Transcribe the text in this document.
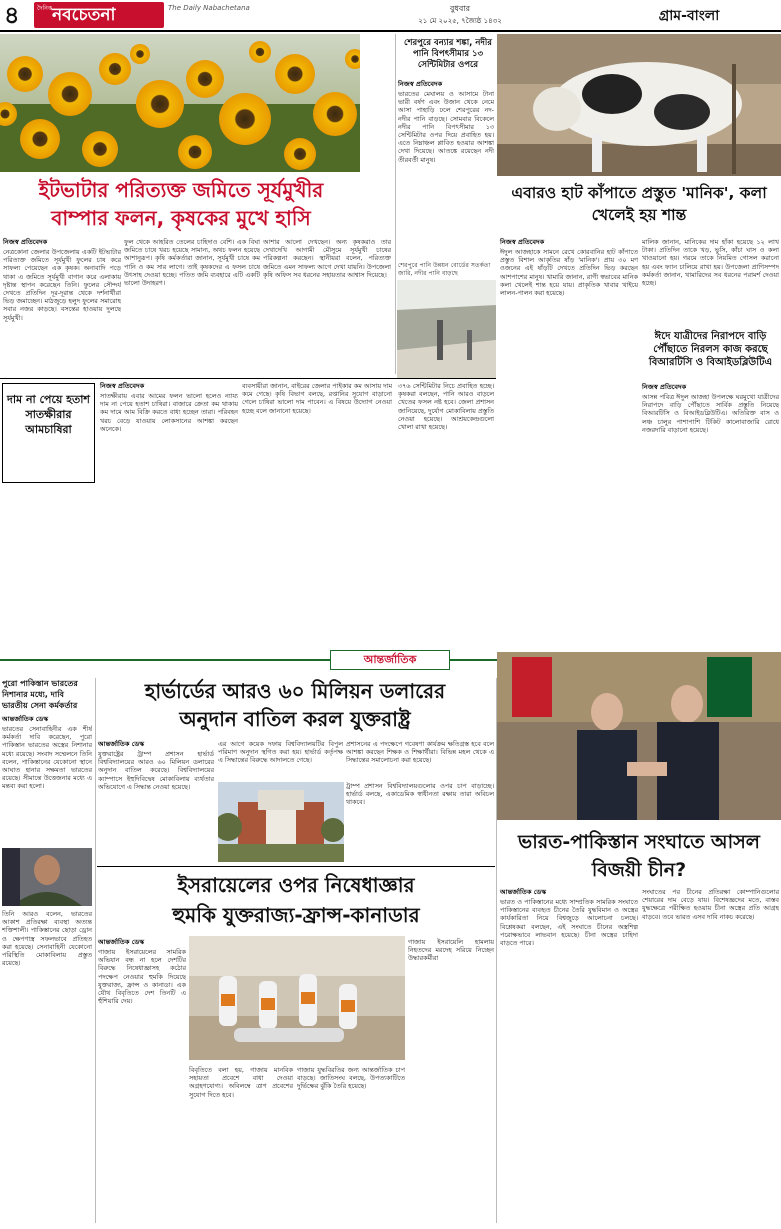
৪	দৈনিক নবচেতনা	The Daily Nabachetana	বুধবার
২১ মে ২০২৫, ৭জ্যৈষ্ঠ ১৪৩২	গ্রাম-বাংলা
ইটভাটার পরিত্যক্ত জমিতে সূর্যমুখীর
বাম্পার ফলন, কৃষকের মুখে হাসি
নিজস্ব প্রতিবেদক
নেত্রকোনা জেলার উপজেলায় একটি ইটভাটার পরিত্যক্ত জমিতে সূর্যমুখী ফুলের চাষ করে সাফল্য পেয়েছেন এক কৃষক। অনাবাদি পড়ে থাকা এ জমিতে সূর্যমুখী বাগান করে এলাকায় দৃষ্টান্ত স্থাপন করেছেন তিনি। ফুলের সৌন্দর্য দেখতে প্রতিদিন দূর-দূরান্ত থেকে দর্শনার্থীরা ভিড় জমাচ্ছেন। মাঠজুড়ে হলুদ ফুলের সমারোহ সবার নজর কাড়ছে। বসন্তের হাওয়ায় দুলছে সূর্যমুখী।
ফুল থেকে আহরিত তেলের চাহিদাও বেশি। এক বিঘা জমিতে চাষে খরচ হয়েছে সামান্য, অথচ ফলন হয়েছে আশানুরূপ। কৃষি কর্মকর্তারা জানান, সূর্যমুখী চাষে কম পানি ও কম সার লাগে। তাই কৃষকদের এ ফসল চাষে উৎসাহ দেওয়া হচ্ছে। পতিত জমি ব্যবহারে এটি একটি ভালো উদাহরণ।
আশার আলো দেখছেন। অন্য কৃষকরাও তার দেখাদেখি আগামী মৌসুমে সূর্যমুখী চাষের পরিকল্পনা করছেন। স্থানীয়রা বলেন, পরিত্যক্ত জমিতে এমন সাফল্য আগে দেখা যায়নি। উপজেলা কৃষি অফিস সব ধরনের সহায়তার আশ্বাস দিয়েছে।
শেরপুরে বন্যার শঙ্কা, নদীর পানি বিপৎসীমার ১৩ সেন্টিমিটার ওপরে
নিজস্ব প্রতিবেদক
ভারতের মেঘালয় ও আসামে টানা ভারী বর্ষণ এবং উজান থেকে নেমে আসা পাহাড়ি ঢলে শেরপুরের নদ-নদীর পানি বাড়ছে। সোমবার বিকেলে নদীর পানি বিপৎসীমার ১৩ সেন্টিমিটার ওপর দিয়ে প্রবাহিত হয়। এতে নিম্নাঞ্চল প্লাবিত হওয়ার আশঙ্কা দেখা দিয়েছে। আতঙ্কে রয়েছেন নদী তীরবর্তী মানুষ।
এবারও হাট কাঁপাতে প্রস্তুত 'মানিক', কলা খেলেই হয় শান্ত
শেরপুরে পানি উন্নয়ন বোর্ডের সতর্কতা জারি, নদীর পানি বাড়ছে
দাম না পেয়ে হতাশ সাতক্ষীরার আমচাষিরা
নিজস্ব প্রতিবেদক
সাতক্ষীরায় এবার আমের ফলন ভালো হলেও ন্যায্য দাম না পেয়ে হতাশ চাষিরা। বাজারে ক্রেতা কম থাকায় কম দামে আম বিক্রি করতে বাধ্য হচ্ছেন তারা। পরিবহন খরচ বেড়ে যাওয়ায় লোকসানের আশঙ্কা করছেন অনেকে।
ব্যবসায়ীরা জানান, বাইরের জেলার পাইকার কম আসায় দাম কমে গেছে। কৃষি বিভাগ বলছে, রপ্তানির সুযোগ বাড়ানো গেলে চাষিরা ভালো দাম পাবেন। এ বিষয়ে উদ্যোগ নেওয়া হচ্ছে বলে জানানো হয়েছে।
৩৭৬ সেন্টিমিটার নিচে প্রবাহিত হচ্ছে। কৃষকরা বলছেন, পানি আরও বাড়লে খেতের ফসল নষ্ট হবে। জেলা প্রশাসন জানিয়েছে, দুর্যোগ মোকাবিলায় প্রস্তুতি নেওয়া হয়েছে। আশ্রয়কেন্দ্রগুলো খোলা রাখা হয়েছে।
নিজস্ব প্রতিবেদক
ঈদুল আজহাকে সামনে রেখে কোরবানির হাট কাঁপাতে প্রস্তুত বিশাল আকৃতির ষাঁড় 'মানিক'। প্রায় ৩০ মণ ওজনের এই ষাঁড়টি দেখতে প্রতিদিন ভিড় করছেন আশপাশের মানুষ। খামারি জানান, রাগী স্বভাবের মানিক কলা খেলেই শান্ত হয়ে যায়। প্রাকৃতিক খাবার খাইয়ে লালন-পালন করা হয়েছে।
মালিক জানান, মানিকের দাম হাঁকা হয়েছে ১২ লাখ টাকা। প্রতিদিন তাকে খড়, ভুসি, কাঁচা ঘাস ও কলা খাওয়ানো হয়। গরমে তাকে নিয়মিত গোসল করানো হয় এবং ফ্যান চালিয়ে রাখা হয়। উপজেলা প্রাণিসম্পদ কর্মকর্তা জানান, খামারিদের সব ধরনের পরামর্শ দেওয়া হচ্ছে।
ঈদে যাত্রীদের নিরাপদে বাড়ি পৌঁছাতে নিরলস কাজ করছে বিআরটিসি ও বিআইডব্লিউটিএ
নিজস্ব প্রতিবেদক
আসন্ন পবিত্র ঈদুল আজহা উপলক্ষে ঘরমুখো যাত্রীদের নিরাপদে বাড়ি পৌঁছাতে সার্বিক প্রস্তুতি নিয়েছে বিআরটিসি ও বিআইডব্লিউটিএ। অতিরিক্ত বাস ও লঞ্চ চালুর পাশাপাশি টিকিট কালোবাজারি রোধে নজরদারি বাড়ানো হয়েছে।
আন্তর্জাতিক
হার্ভার্ডের আরও ৬০ মিলিয়ন ডলারের
অনুদান বাতিল করল যুক্তরাষ্ট্র
আন্তর্জাতিক ডেস্ক
যুক্তরাষ্ট্রের ট্রাম্প প্রশাসন হার্ভার্ড বিশ্ববিদ্যালয়ের আরও ৬০ মিলিয়ন ডলারের অনুদান বাতিল করেছে। বিশ্ববিদ্যালয়ের ক্যাম্পাসে ইহুদিবিদ্বেষ মোকাবিলায় ব্যর্থতার অভিযোগে এ সিদ্ধান্ত নেওয়া হয়েছে।
এর আগে কয়েক দফায় বিশ্ববিদ্যালয়টির বিপুল পরিমাণ অনুদান স্থগিত করা হয়। হার্ভার্ড কর্তৃপক্ষ এ সিদ্ধান্তের বিরুদ্ধে আদালতে গেছে।
প্রশাসনের এ পদক্ষেপে গবেষণা কার্যক্রম ক্ষতিগ্রস্ত হবে বলে আশঙ্কা করছেন শিক্ষক ও শিক্ষার্থীরা। বিভিন্ন মহল থেকে এ সিদ্ধান্তের সমালোচনা করা হয়েছে।
ট্রাম্প প্রশাসন বিশ্ববিদ্যালয়গুলোর ওপর চাপ বাড়াচ্ছে। হার্ভার্ড বলছে, একাডেমিক স্বাধীনতা রক্ষায় তারা অবিচল থাকবে।
পুরো পাকিস্তান ভারতের নিশানার মধ্যে, দাবি ভারতীয় সেনা কর্মকর্তার
আন্তর্জাতিক ডেস্ক
ভারতের সেনাবাহিনীর এক শীর্ষ কর্মকর্তা দাবি করেছেন, পুরো পাকিস্তান ভারতের অস্ত্রের নিশানার মধ্যে রয়েছে। সংবাদ সম্মেলনে তিনি বলেন, পাকিস্তানের যেকোনো স্থানে আঘাত হানার সক্ষমতা ভারতের রয়েছে। সীমান্তে উত্তেজনার মধ্যে এ মন্তব্য করা হলো।
তিনি আরও বলেন, ভারতের আকাশ প্রতিরক্ষা ব্যবস্থা অত্যন্ত শক্তিশালী। পাকিস্তানের ছোড়া ড্রোন ও ক্ষেপণাস্ত্র সফলভাবে প্রতিহত করা হয়েছে। সেনাবাহিনী যেকোনো পরিস্থিতি মোকাবিলায় প্রস্তুত রয়েছে।
ভারত-পাকিস্তান সংঘাতে আসল বিজয়ী চীন?
আন্তর্জাতিক ডেস্ক
ভারত ও পাকিস্তানের মধ্যে সাম্প্রতিক সামরিক সংঘাতে পাকিস্তানের ব্যবহৃত চীনের তৈরি যুদ্ধবিমান ও অস্ত্রের কার্যকারিতা নিয়ে বিশ্বজুড়ে আলোচনা চলছে। বিশ্লেষকরা বলছেন, এই সংঘাতে চীনের অস্ত্রশিল্প পরোক্ষভাবে লাভবান হয়েছে। চীনা অস্ত্রের চাহিদা বাড়তে পারে।
সংঘাতের পর চীনের প্রতিরক্ষা কোম্পানিগুলোর শেয়ারের দাম বেড়ে যায়। বিশেষজ্ঞদের মতে, বাস্তব যুদ্ধক্ষেত্রে পরীক্ষিত হওয়ায় চীনা অস্ত্রের প্রতি আগ্রহ বাড়বে। তবে ভারত এসব দাবি নাকচ করেছে।
ইসরায়েলের ওপর নিষেধাজ্ঞার
হুমকি যুক্তরাজ্য-ফ্রান্স-কানাডার
আন্তর্জাতিক ডেস্ক
গাজায় ইসরায়েলের সামরিক অভিযান বন্ধ না হলে দেশটির বিরুদ্ধে নিষেধাজ্ঞাসহ কঠোর পদক্ষেপ নেওয়ার হুমকি দিয়েছে যুক্তরাজ্য, ফ্রান্স ও কানাডা। এক যৌথ বিবৃতিতে দেশ তিনটি এ হুঁশিয়ারি দেয়।
বিবৃতিতে বলা হয়, গাজায় মানবিক সহায়তা প্রবেশে বাধা দেওয়া অগ্রহণযোগ্য। অবিলম্বে ত্রাণ প্রবেশের সুযোগ দিতে হবে।
গাজায় যুদ্ধবিরতির জন্য আন্তর্জাতিক চাপ বাড়ছে। জাতিসংঘ বলছে, উপত্যকাটিতে দুর্ভিক্ষের ঝুঁকি তৈরি হয়েছে।
গাজায় ইসরায়েলি হামলায় নিহতদের মরদেহ সরিয়ে নিচ্ছেন উদ্ধারকর্মীরা
